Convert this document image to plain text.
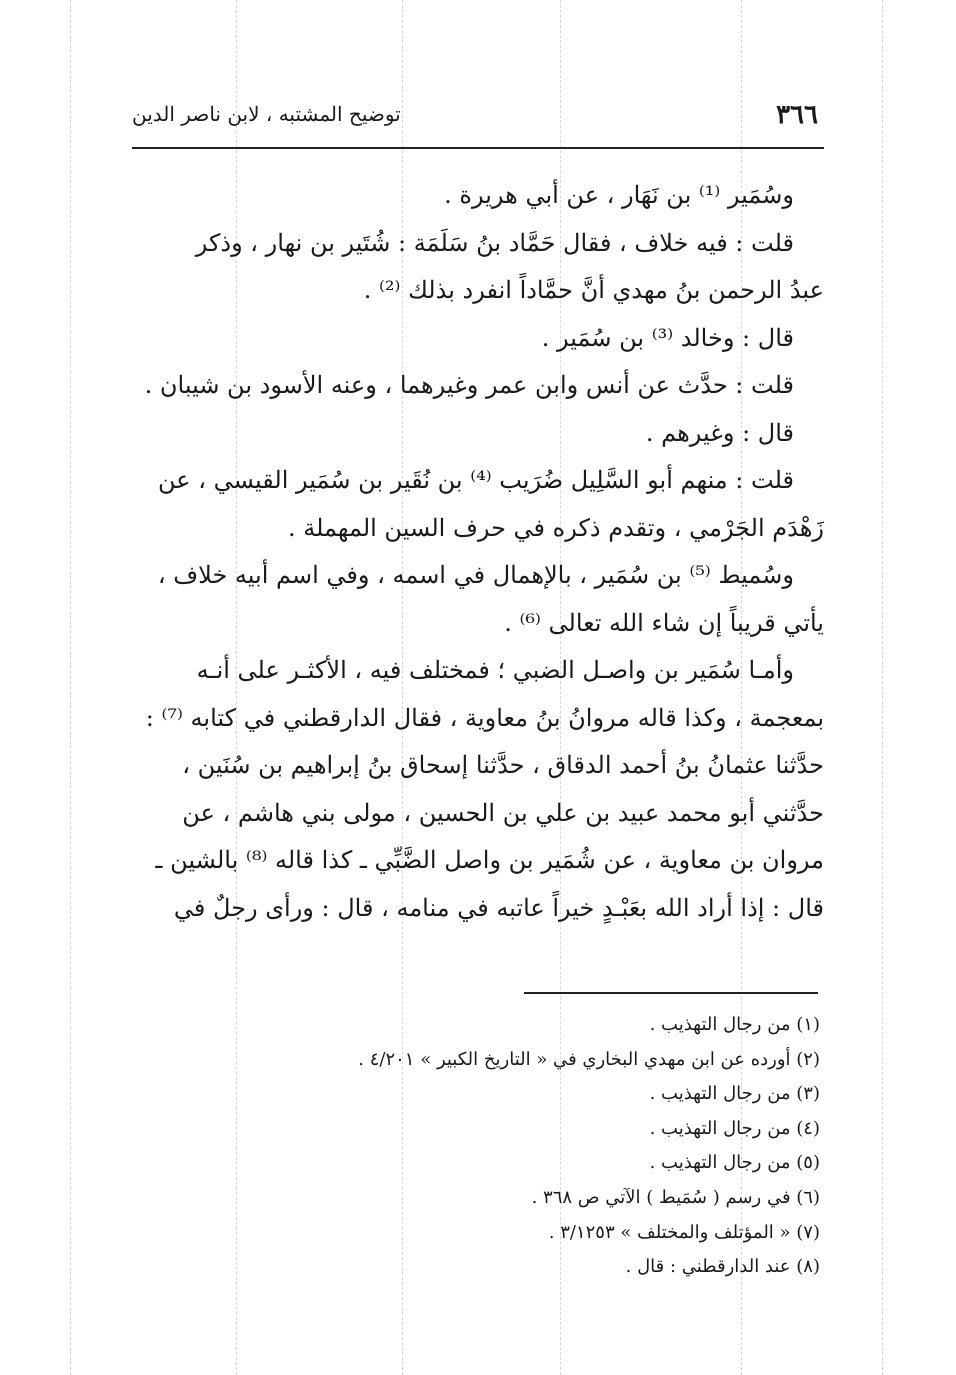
٣٦٦
توضيح المشتبه ، لابن ناصر الدين

وسُمَير ⁽¹⁾ بن نَهَار ، عن أبي هريرة .

قلت : فيه خلاف ، فقال حَمَّاد بنُ سَلَمَة : شُتَير بن نهار ، وذكر

عبدُ الرحمن بنُ مهدي أنَّ حمَّاداً انفرد بذلك ⁽²⁾ .

قال : وخالد ⁽³⁾ بن سُمَير .

قلت : حدَّث عن أنس وابن عمر وغيرهما ، وعنه الأسود بن شيبان .

قال : وغيرهم .

قلت : منهم أبو السَّلِيل ضُرَيب ⁽⁴⁾ بن نُقَير بن سُمَير القيسي ، عن

زَهْدَم الجَرْمي ، وتقدم ذكره في حرف السين المهملة .

وسُميط ⁽⁵⁾ بن سُمَير ، بالإهمال في اسمه ، وفي اسم أبيه خلاف ،

يأتي قريباً إن شاء الله تعالى ⁽⁶⁾ .

وأمـا سُمَير بن واصـل الضبي ؛ فمختلف فيه ، الأكثـر على أنـه

بمعجمة ، وكذا قاله مروانُ بنُ معاوية ، فقال الدارقطني في كتابه ⁽⁷⁾ :

حدَّثنا عثمانُ بنُ أحمد الدقاق ، حدَّثنا إسحاق بنُ إبراهيم بن سُنَين ،

حدَّثني أبو محمد عبيد بن علي بن الحسين ، مولى بني هاشم ، عن

مروان بن معاوية ، عن شُمَير بن واصل الضَّبِّي ـ كذا قاله ⁽⁸⁾ بالشين ـ

قال : إذا أراد الله بعَبْـدٍ خيراً عاتبه في منامه ، قال : ورأى رجلٌ في

(١) من رجال التهذيب .

(٢) أورده عن ابن مهدي البخاري في « التاريخ الكبير » ٤/٢٠١ .

(٣) من رجال التهذيب .

(٤) من رجال التهذيب .

(٥) من رجال التهذيب .

(٦) في رسم ( سُمَيط ) الآتي ص ٣٦٨ .

(٧) « المؤتلف والمختلف » ٣/١٢٥٣ .

(٨) عند الدارقطني : قال .
